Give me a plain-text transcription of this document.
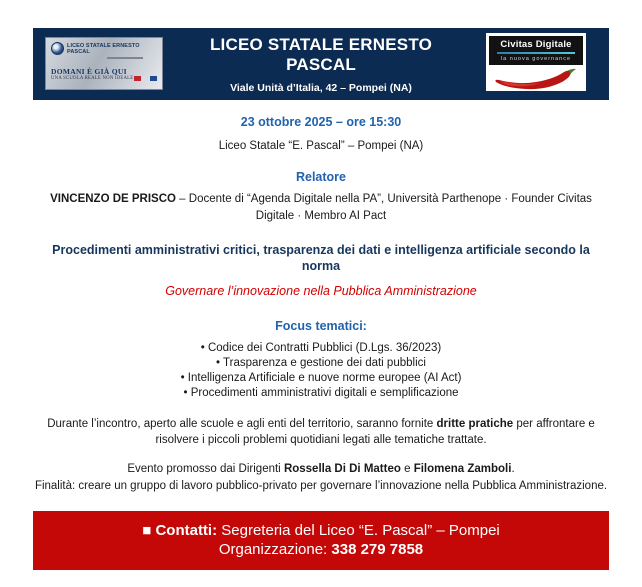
LICEO STATALE ERNESTO PASCAL
DOMANI È GIÀ QUI
UNA SCUOLA REALE NON IDEALE
LICEO STATALE ERNESTO
PASCAL
Viale Unità d’Italia, 42 – Pompei (NA)
Civitas Digitale
la nuova governance
23 ottobre 2025 – ore 15:30
Liceo Statale “E. Pascal” – Pompei (NA)
Relatore
VINCENZO DE PRISCO – Docente di “Agenda Digitale nella PA”, Università Parthenope · Founder Civitas Digitale · Membro AI Pact
Procedimenti amministrativi critici, trasparenza dei dati e intelligenza artificiale secondo la norma
Governare l’innovazione nella Pubblica Amministrazione
Focus tematici:
• Codice dei Contratti Pubblici (D.Lgs. 36/2023)
• Trasparenza e gestione dei dati pubblici
• Intelligenza Artificiale e nuove norme europee (AI Act)
• Procedimenti amministrativi digitali e semplificazione
Durante l’incontro, aperto alle scuole e agli enti del territorio, saranno fornite dritte pratiche per affrontare e risolvere i piccoli problemi quotidiani legati alle tematiche trattate.
Evento promosso dai Dirigenti Rossella Di Di Matteo e Filomena Zamboli.
Finalità: creare un gruppo di lavoro pubblico-privato per governare l’innovazione nella Pubblica Amministrazione.
■ Contatti: Segreteria del Liceo “E. Pascal” – Pompei
Organizzazione: 338 279 7858
